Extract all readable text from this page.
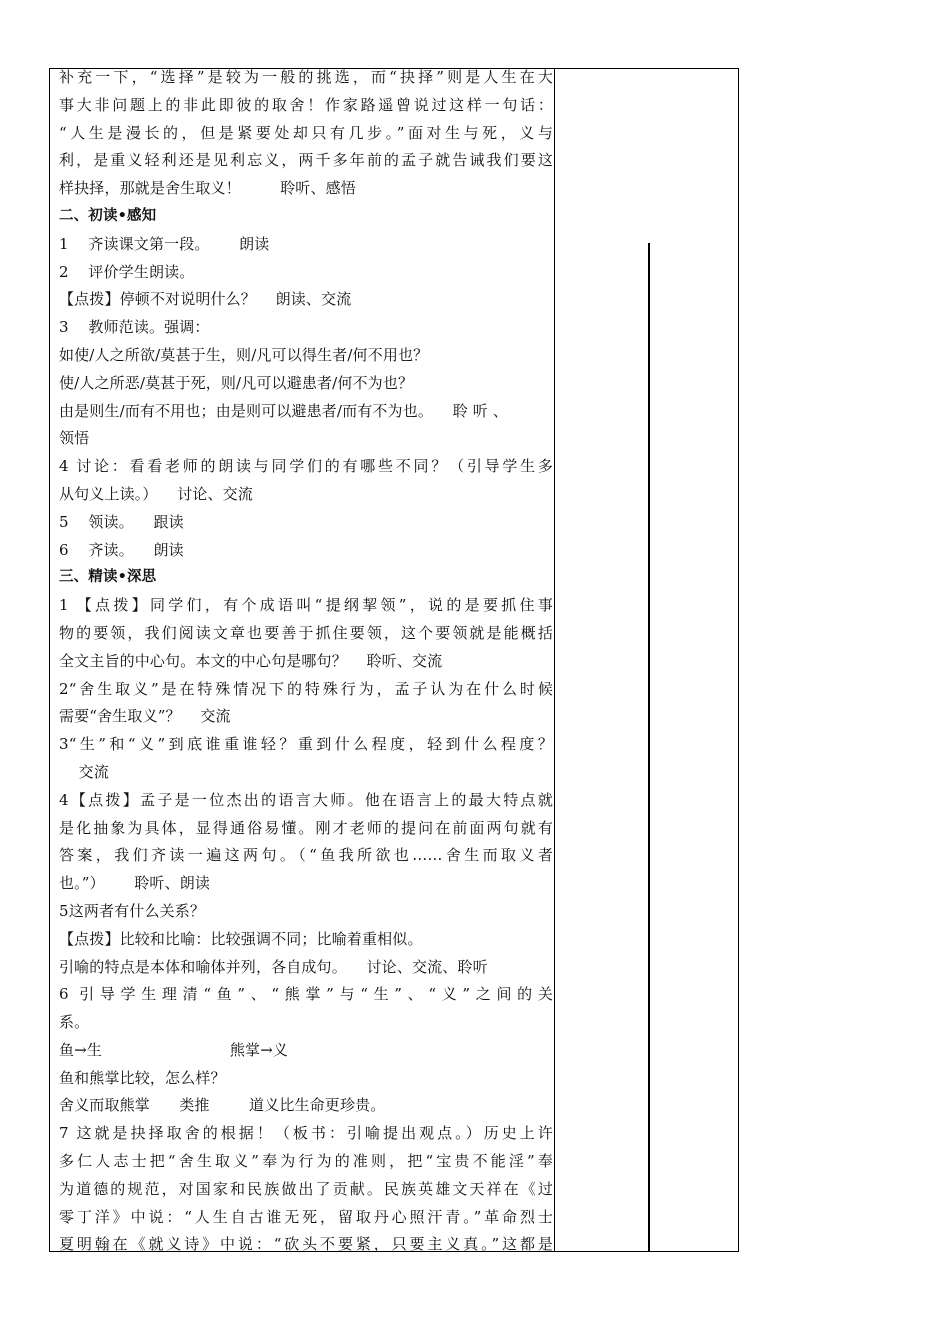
补充一下，“选择”是较为一般的挑选，而“抉择”则是人生在大
事大非问题上的非此即彼的取舍！作家路遥曾说过这样一句话：
“人生是漫长的，但是紧要处却只有几步。”面对生与死，义与
利，是重义轻利还是见利忘义，两千多年前的孟子就告诫我们要这
样抉择，那就是舍生取义！        聆听、感悟
二、初读•感知
1    齐读课文第一段。      朗读
2    评价学生朗读。
【点拨】停顿不对说明什么？    朗读、交流
3    教师范读。强调：
如使/人之所欲/莫甚于生，则/凡可以得生者/何不用也？
使/人之所恶/莫甚于死，则/凡可以避患者/何不为也？
由是则生/而有不用也；由是则可以避患者/而有不为也。    聆 听 、
领悟
4 讨论：看看老师的朗读与同学们的有哪些不同？（引导学生多
从句义上读。）    讨论、交流
5    领读。    跟读
6    齐读。    朗读
三、精读•深思
1 【点拨】同学们，有个成语叫“提纲挈领”，说的是要抓住事
物的要领，我们阅读文章也要善于抓住要领，这个要领就是能概括
全文主旨的中心句。本文的中心句是哪句？    聆听、交流
2“舍生取义”是在特殊情况下的特殊行为，孟子认为在什么时候
需要“舍生取义”？    交流
3“生”和“义”到底谁重谁轻？重到什么程度，轻到什么程度？
交流
4【点拨】孟子是一位杰出的语言大师。他在语言上的最大特点就
是化抽象为具体，显得通俗易懂。刚才老师的提问在前面两句就有
答案，我们齐读一遍这两句。（“鱼我所欲也……舍生而取义者
也。”）      聆听、朗读
5这两者有什么关系？
【点拨】比较和比喻：比较强调不同；比喻着重相似。
引喻的特点是本体和喻体并列，各自成句。    讨论、交流、聆听
6 引导学生理清“鱼”、“熊掌”与“生”、“义”之间的关
系。
鱼→生                          熊掌→义
鱼和熊掌比较，怎么样？
舍义而取熊掌      类推        道义比生命更珍贵。
7 这就是抉择取舍的根据！（板书：引喻提出观点。）历史上许
多仁人志士把“舍生取义”奉为行为的准则，把“宝贵不能淫”奉
为道德的规范，对国家和民族做出了贡献。民族英雄文天祥在《过
零丁洋》中说：“人生自古谁无死，留取丹心照汗青。”革命烈士
夏明翰在《就义诗》中说：“砍头不要紧，只要主义真。”这都是
